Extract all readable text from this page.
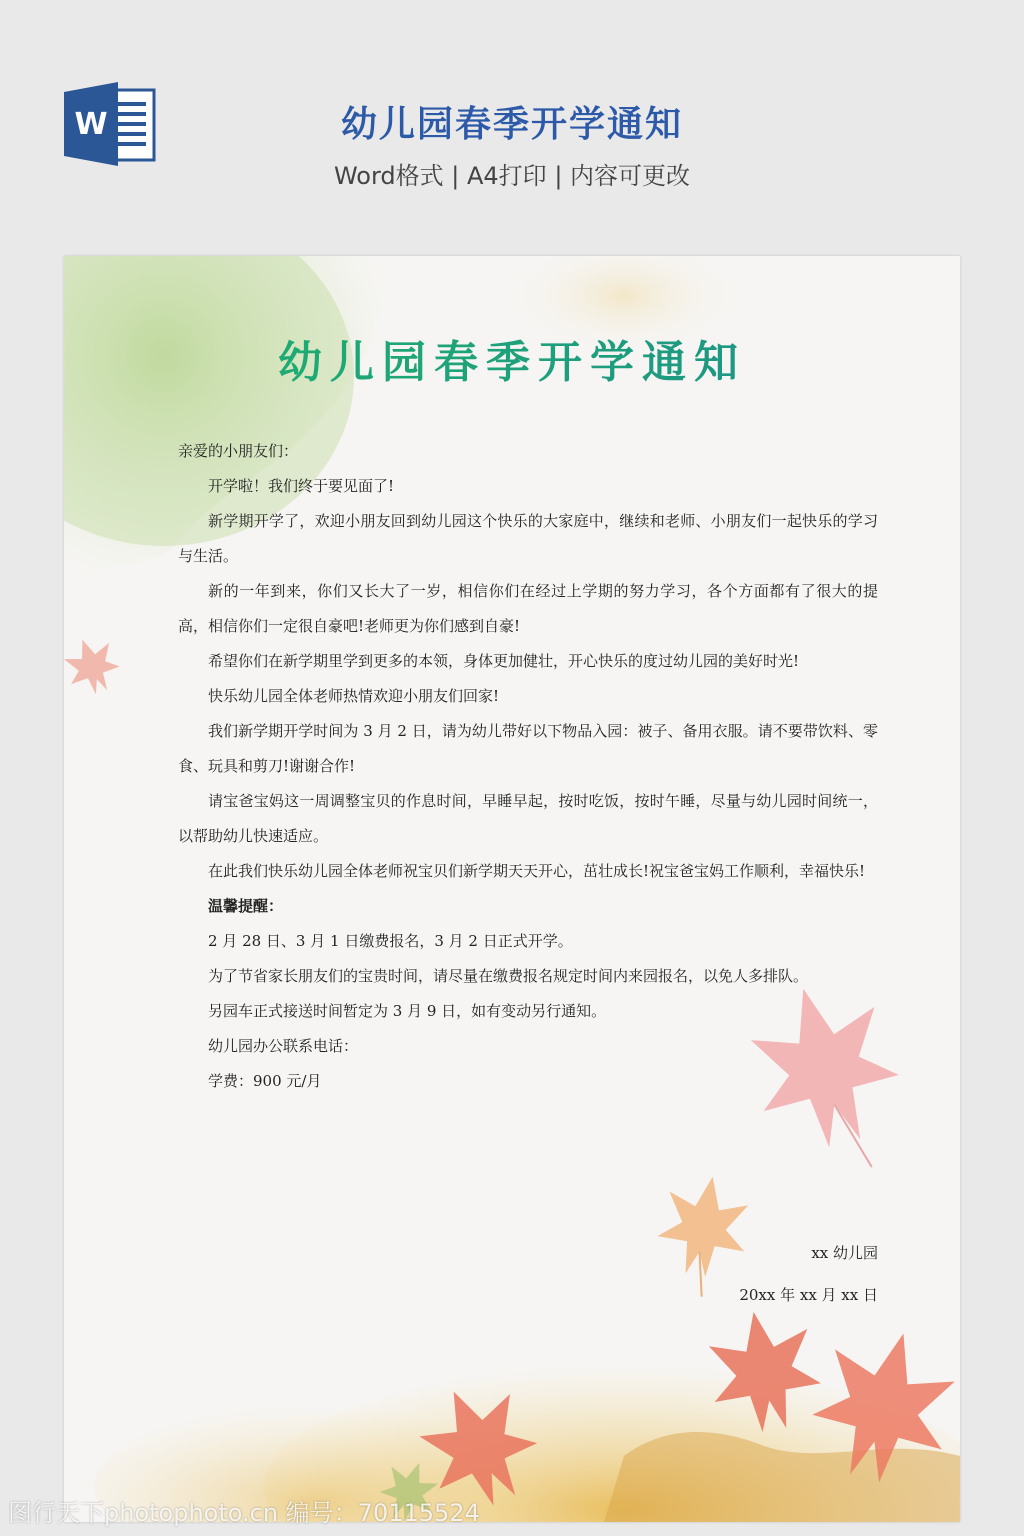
W	幼儿园春季开学通知
Word格式 | A4打印 | 内容可更改
幼儿园春季开学通知

亲爱的小朋友们：

开学啦！我们终于要见面了!

新学期开学了，欢迎小朋友回到幼儿园这个快乐的大家庭中，继续和老师、小朋友们一起快乐的学习与生活。

新的一年到来，你们又长大了一岁，相信你们在经过上学期的努力学习，各个方面都有了很大的提高，相信你们一定很自豪吧!老师更为你们感到自豪!

希望你们在新学期里学到更多的本领，身体更加健壮，开心快乐的度过幼儿园的美好时光!

快乐幼儿园全体老师热情欢迎小朋友们回家!

我们新学期开学时间为 3 月 2 日，请为幼儿带好以下物品入园：被子、备用衣服。请不要带饮料、零食、玩具和剪刀!谢谢合作!

请宝爸宝妈这一周调整宝贝的作息时间，早睡早起，按时吃饭，按时午睡，尽量与幼儿园时间统一，以帮助幼儿快速适应。

在此我们快乐幼儿园全体老师祝宝贝们新学期天天开心，茁壮成长!祝宝爸宝妈工作顺利，幸福快乐!

温馨提醒：

2 月 28 日、3 月 1 日缴费报名，3 月 2 日正式开学。

为了节省家长朋友们的宝贵时间，请尽量在缴费报名规定时间内来园报名，以免人多排队。

另园车正式接送时间暂定为 3 月 9 日，如有变动另行通知。

幼儿园办公联系电话：

学费：900 元/月

xx 幼儿园
20xx 年 xx 月 xx 日
图行天下photophoto.cn 编号：70115524
